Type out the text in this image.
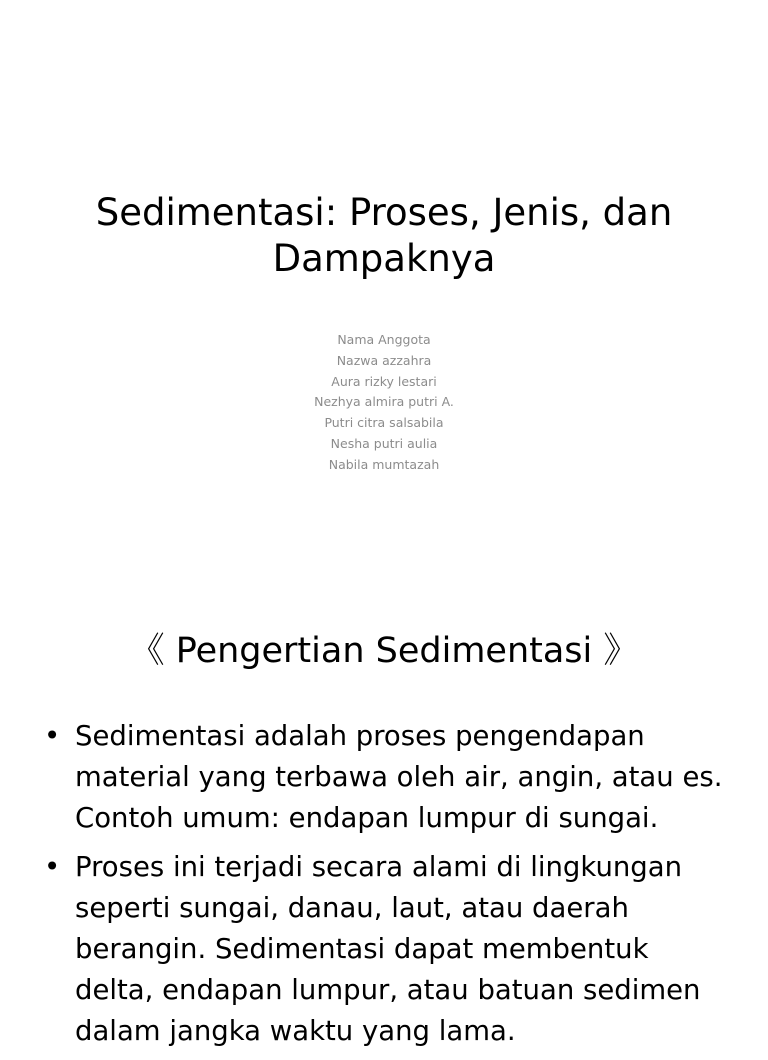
Sedimentasi: Proses, Jenis, dan Dampaknya
Nama Anggota
Nazwa azzahra
Aura rizky lestari
Nezhya almira putri A.
Putri citra salsabila
Nesha putri aulia
Nabila mumtazah
《 Pengertian Sedimentasi 》
• Sedimentasi adalah proses pengendapan material yang terbawa oleh air, angin, atau es. Contoh umum: endapan lumpur di sungai.
• Proses ini terjadi secara alami di lingkungan seperti sungai, danau, laut, atau daerah berangin. Sedimentasi dapat membentuk delta, endapan lumpur, atau batuan sedimen dalam jangka waktu yang lama.
